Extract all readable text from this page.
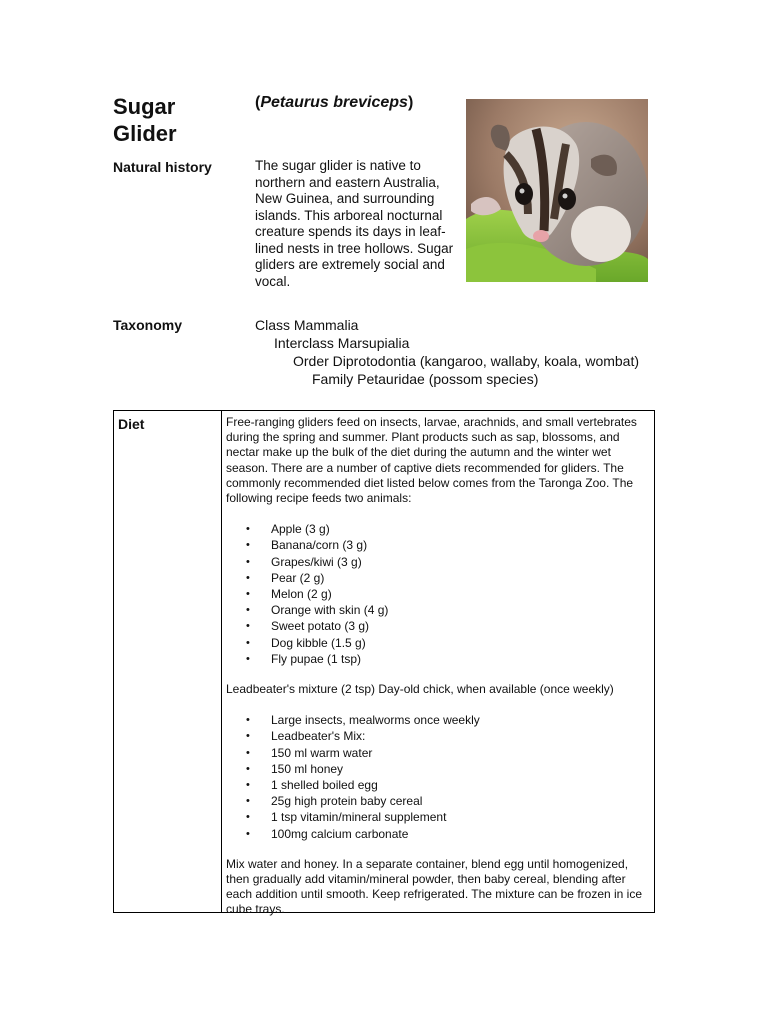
Sugar Glider
(Petaurus breviceps)
Natural history	The sugar glider is native to northern and eastern Australia, New Guinea, and surrounding islands. This arboreal nocturnal creature spends its days in leaf-lined nests in tree hollows. Sugar gliders are extremely social and vocal.
Taxonomy	Class Mammalia
Interclass Marsupialia
Order Diprotodontia (kangaroo, wallaby, koala, wombat)
Family Petauridae (possom species)
Diet	Free-ranging gliders feed on insects, larvae, arachnids, and small vertebrates during the spring and summer. Plant products such as sap, blossoms, and nectar make up the bulk of the diet during the autumn and the winter wet season. There are a number of captive diets recommended for gliders. The commonly recommended diet listed below comes from the Taronga Zoo. The following recipe feeds two animals:

• Apple (3 g)
• Banana/corn (3 g)
• Grapes/kiwi (3 g)
• Pear (2 g)
• Melon (2 g)
• Orange with skin (4 g)
• Sweet potato (3 g)
• Dog kibble (1.5 g)
• Fly pupae (1 tsp)

Leadbeater's mixture (2 tsp) Day-old chick, when available (once weekly)

• Large insects, mealworms once weekly
• Leadbeater's Mix:
• 150 ml warm water
• 150 ml honey
• 1 shelled boiled egg
• 25g high protein baby cereal
• 1 tsp vitamin/mineral supplement
• 100mg calcium carbonate

Mix water and honey. In a separate container, blend egg until homogenized, then gradually add vitamin/mineral powder, then baby cereal, blending after each addition until smooth. Keep refrigerated. The mixture can be frozen in ice cube trays.
